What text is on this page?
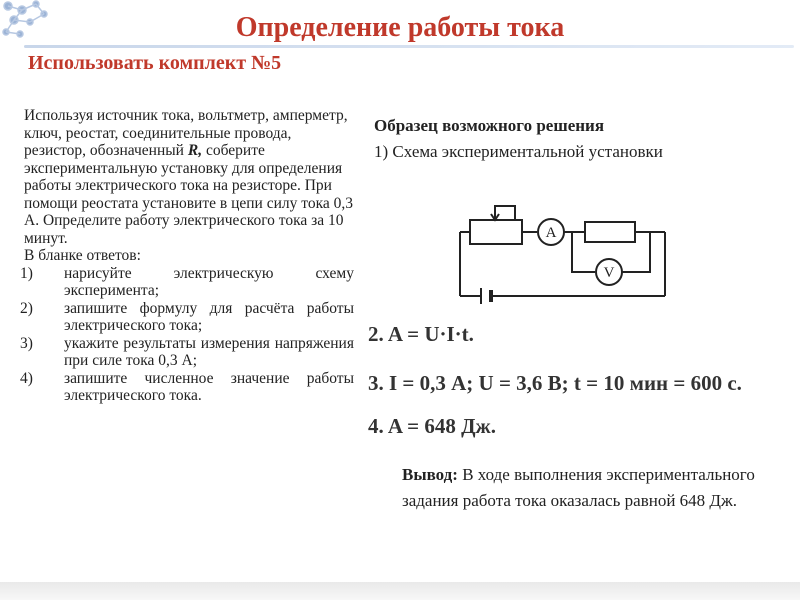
Определение работы тока
Использовать комплект №5

Используя источник тока, вольтметр, амперметр, ключ, реостат, соединительные провода, резистор, обозначенный R, соберите экспериментальную установку для определения работы электрического тока на резисторе. При помощи реостата установите в цепи силу тока 0,3 А. Определите работу электрического тока за 10 минут.

В бланке ответов:

1) нарисуйте электрическую схему эксперимента;
2) запишите формулу для расчёта работы электрического тока;
3) укажите результаты измерения напряжения при силе тока 0,3 А;
4) запишите численное значение работы электрического тока.
Образец возможного решения
1) Схема экспериментальной установки
A
V
2. A = U·I·t.
3. I = 0,3 А; U = 3,6 В; t = 10 мин = 600 с.
4. A = 648 Дж.
Вывод: В ходе выполнения экспериментального задания работа тока оказалась равной 648 Дж.
